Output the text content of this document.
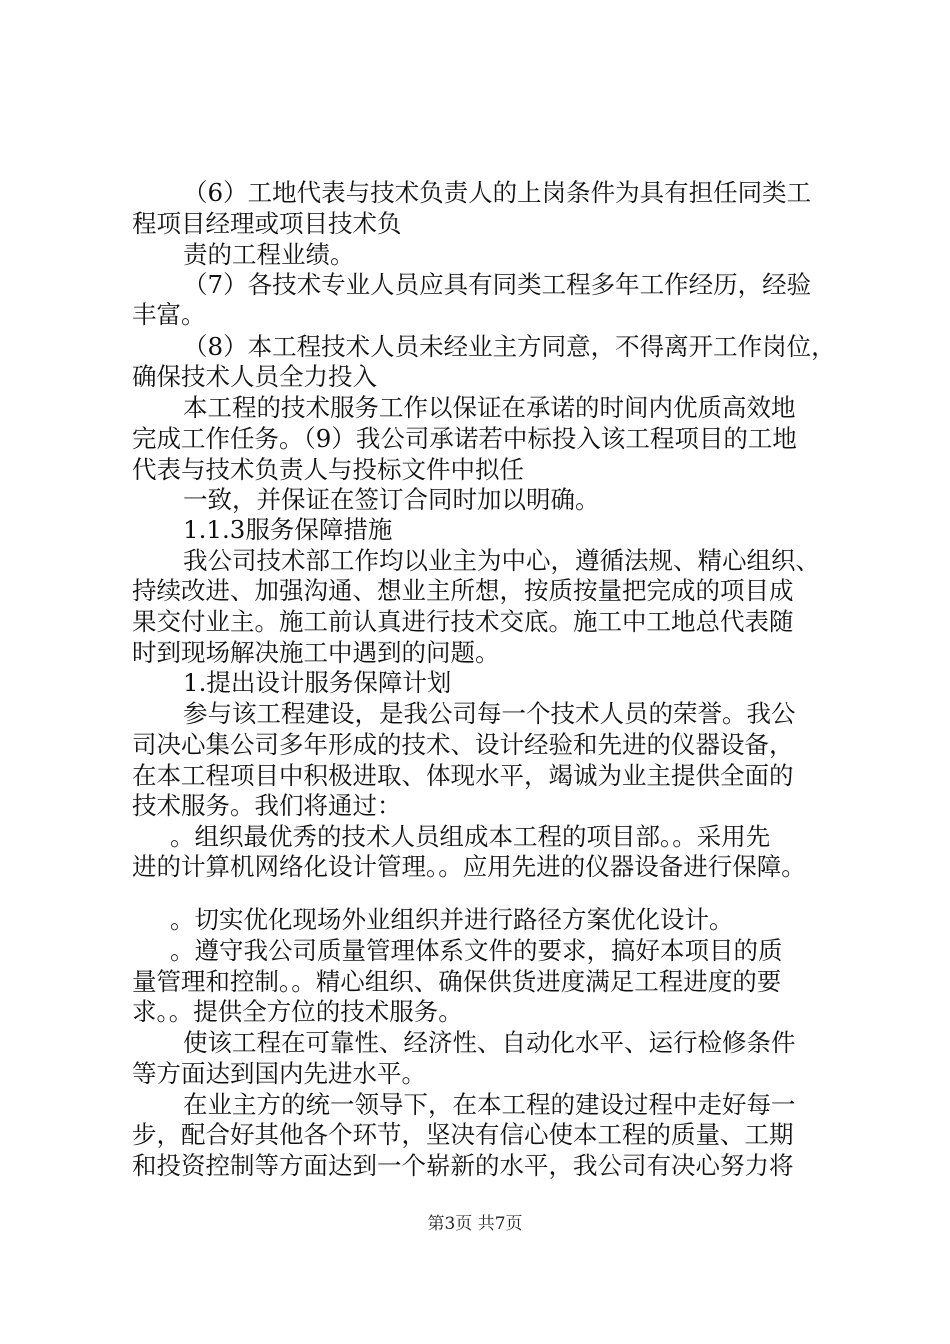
（6）工地代表与技术负责人的上岗条件为具有担任同类工
程项目经理或项目技术负
责的工程业绩。
（7）各技术专业人员应具有同类工程多年工作经历，经验
丰富。
（8）本工程技术人员未经业主方同意，不得离开工作岗位，
确保技术人员全力投入
本工程的技术服务工作以保证在承诺的时间内优质高效地
完成工作任务。（9）我公司承诺若中标投入该工程项目的工地
代表与技术负责人与投标文件中拟任
一致，并保证在签订合同时加以明确。
1.1.3服务保障措施
我公司技术部工作均以业主为中心，遵循法规、精心组织、
持续改进、加强沟通、想业主所想，按质按量把完成的项目成
果交付业主。施工前认真进行技术交底。施工中工地总代表随
时到现场解决施工中遇到的问题。
1.提出设计服务保障计划
参与该工程建设，是我公司每一个技术人员的荣誉。我公
司决心集公司多年形成的技术、设计经验和先进的仪器设备，
在本工程项目中积极进取、体现水平，竭诚为业主提供全面的
技术服务。我们将通过：
。组织最优秀的技术人员组成本工程的项目部。。采用先
进的计算机网络化设计管理。。应用先进的仪器设备进行保障。
。切实优化现场外业组织并进行路径方案优化设计。
。遵守我公司质量管理体系文件的要求，搞好本项目的质
量管理和控制。。精心组织、确保供货进度满足工程进度的要
求。。提供全方位的技术服务。
使该工程在可靠性、经济性、自动化水平、运行检修条件
等方面达到国内先进水平。
在业主方的统一领导下，在本工程的建设过程中走好每一
步，配合好其他各个环节，坚决有信心使本工程的质量、工期
和投资控制等方面达到一个崭新的水平，我公司有决心努力将
第3页 共7页
